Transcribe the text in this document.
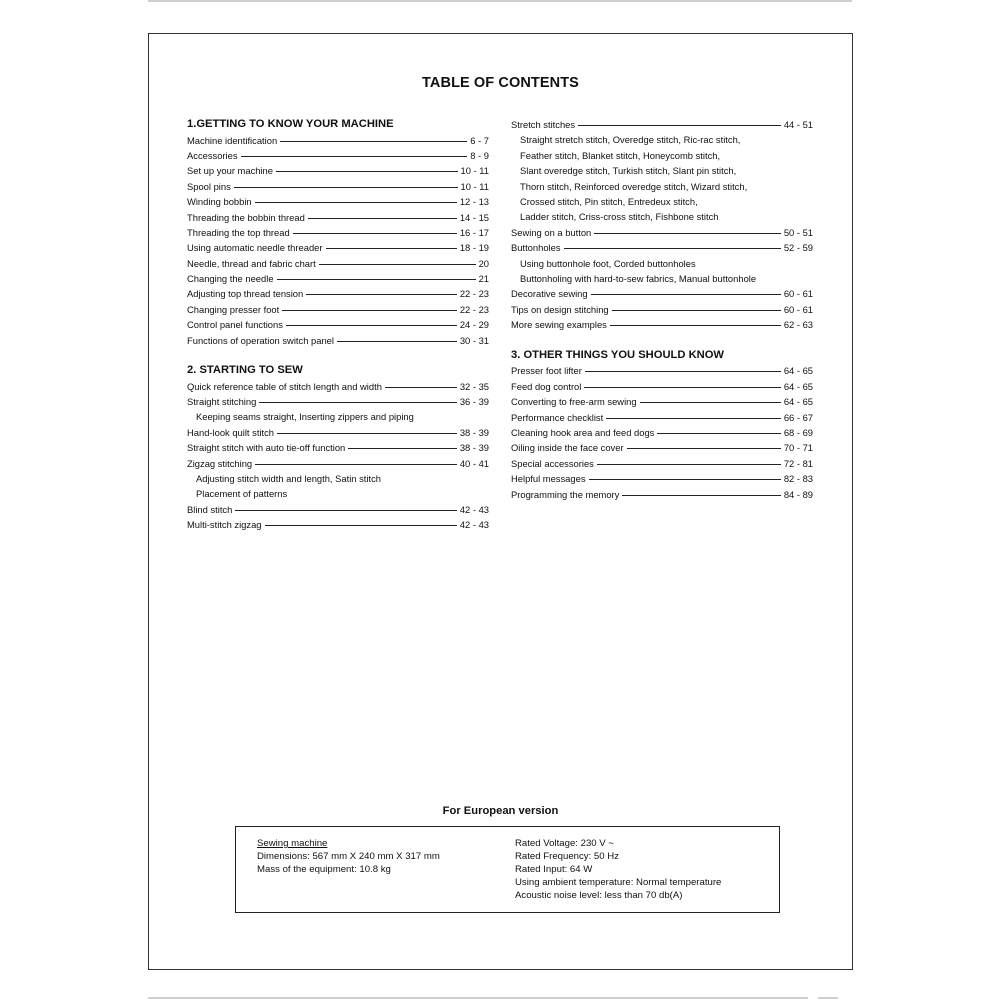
TABLE OF CONTENTS
1.GETTING TO KNOW YOUR MACHINE
Machine identification	6 - 7
Accessories	8 - 9
Set up your machine	10 - 11
Spool pins	10 - 11
Winding bobbin	12 - 13
Threading the bobbin thread	14 - 15
Threading the top thread	16 - 17
Using automatic needle threader	18 - 19
Needle, thread and fabric chart	20
Changing the needle	21
Adjusting top thread tension	22 - 23
Changing presser foot	22 - 23
Control panel functions	24 - 29
Functions of operation switch panel	30 - 31
2. STARTING TO SEW
Quick reference table of stitch length and width	32 - 35
Straight stitching	36 - 39
Keeping seams straight, Inserting zippers and piping
Hand-look quilt stitch	38 - 39
Straight stitch with auto tie-off function	38 - 39
Zigzag stitching	40 - 41
Adjusting stitch width and length, Satin stitch
Placement of patterns
Blind stitch	42 - 43
Multi-stitch zigzag	42 - 43
Stretch stitches	44 - 51
Straight stretch stitch, Overedge stitch, Ric-rac stitch,
Feather stitch, Blanket stitch, Honeycomb stitch,
Slant overedge stitch, Turkish stitch, Slant pin stitch,
Thorn stitch, Reinforced overedge stitch, Wizard stitch,
Crossed stitch, Pin stitch, Entredeux stitch,
Ladder stitch, Criss-cross stitch, Fishbone stitch
Sewing on a button	50 - 51
Buttonholes	52 - 59
Using buttonhole foot, Corded buttonholes
Buttonholing with hard-to-sew fabrics, Manual buttonhole
Decorative sewing	60 - 61
Tips on design stitching	60 - 61
More sewing examples	62 - 63
3. OTHER THINGS YOU SHOULD KNOW
Presser foot lifter	64 - 65
Feed dog control	64 - 65
Converting to free-arm sewing	64 - 65
Performance checklist	66 - 67
Cleaning hook area and feed dogs	68 - 69
Oiling inside the face cover	70 - 71
Special accessories	72 - 81
Helpful messages	82 - 83
Programming the memory	84 - 89
For European version
Sewing machine
Dimensions: 567 mm X 240 mm X 317 mm
Mass of the equipment: 10.8 kg
Rated Voltage: 230 V ~
Rated Frequency: 50 Hz
Rated Input: 64 W
Using ambient temperature: Normal temperature
Acoustic noise level: less than 70 db(A)
